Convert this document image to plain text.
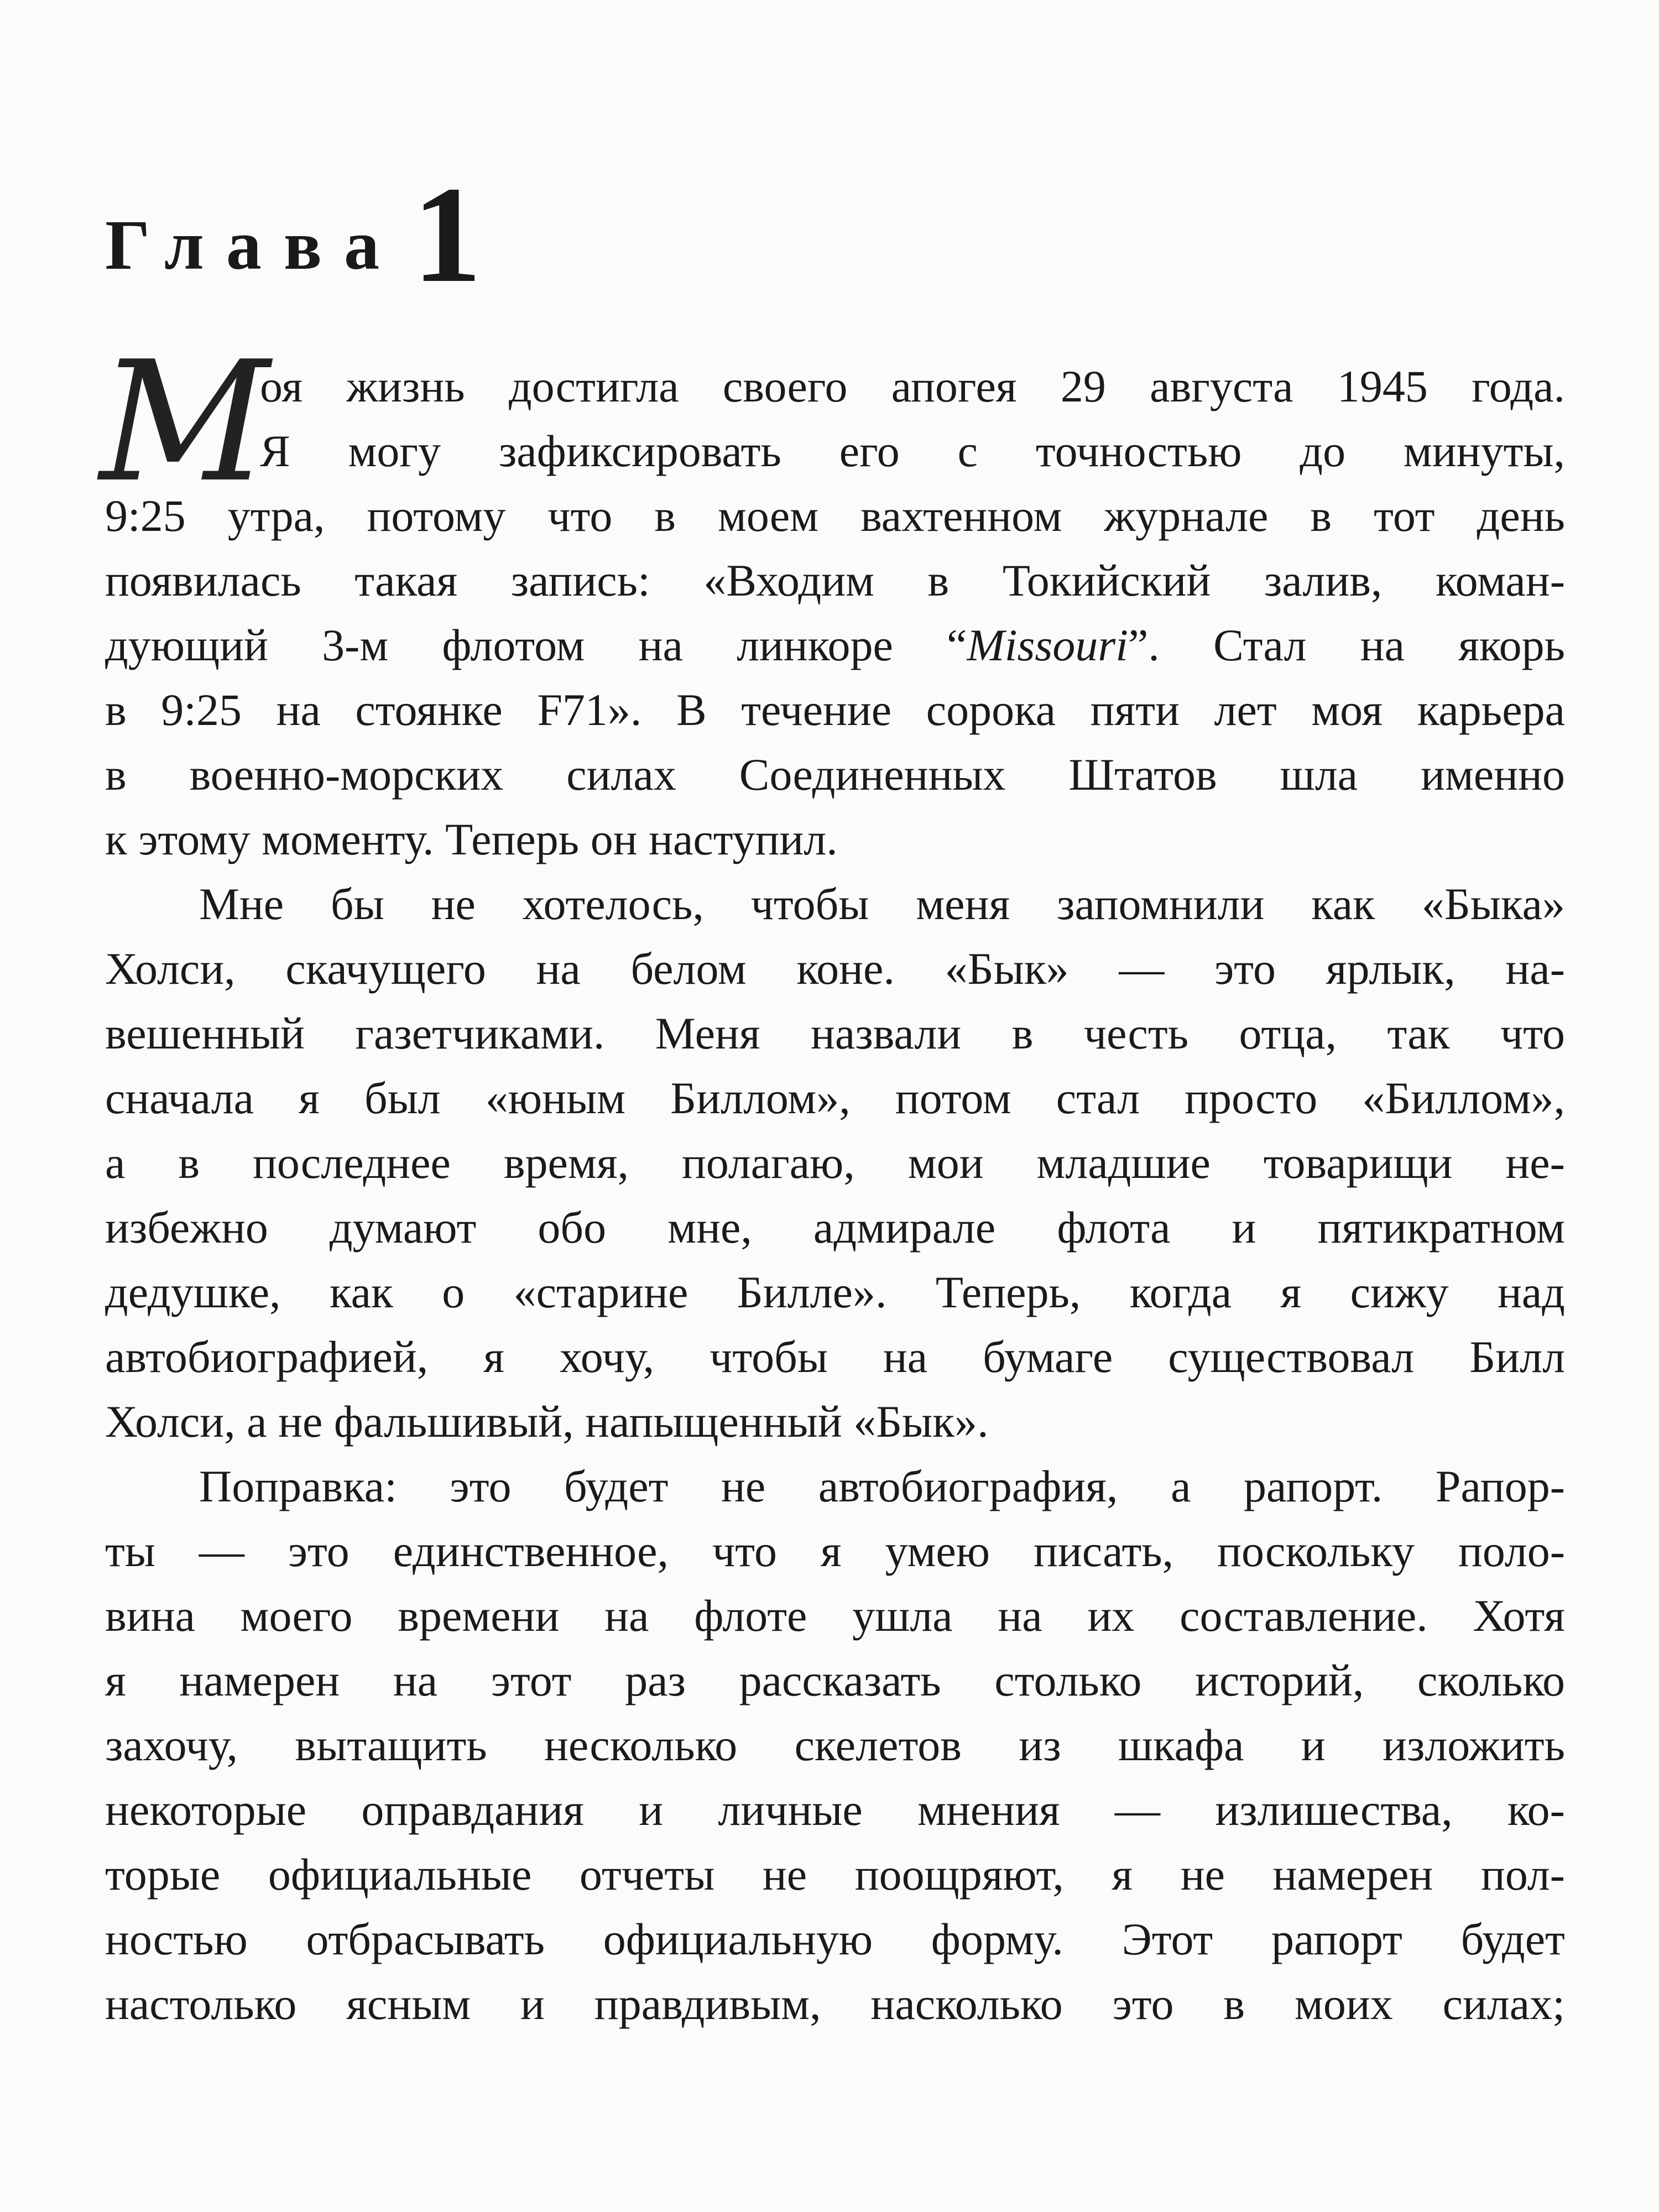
Глава1
М

оя жизнь достигла своего апогея 29 августа 1945 года.
Я могу зафиксировать его с точностью до минуты,
9:25 утра, потому что в моем вахтенном журнале в тот день
появилась такая запись: «Входим в Токийский залив, коман-
дующий 3-м флотом на линкоре “Missouri”. Стал на якорь
в 9:25 на стоянке F71». В течение сорока пяти лет моя карьера
в военно-морских силах Соединенных Штатов шла именно
к этому моменту. Теперь он наступил.

Мне бы не хотелось, чтобы меня запомнили как «Быка»
Холси, скачущего на белом коне. «Бык» — это ярлык, на-
вешенный газетчиками. Меня назвали в честь отца, так что
сначала я был «юным Биллом», потом стал просто «Биллом»,
а в последнее время, полагаю, мои младшие товарищи не-
избежно думают обо мне, адмирале флота и пятикратном
дедушке, как о «старине Билле». Теперь, когда я сижу над
автобиографией, я хочу, чтобы на бумаге существовал Билл
Холси, а не фальшивый, напыщенный «Бык».

Поправка: это будет не автобиография, а рапорт. Рапор-
ты — это единственное, что я умею писать, поскольку поло-
вина моего времени на флоте ушла на их составление. Хотя
я намерен на этот раз рассказать столько историй, сколько
захочу, вытащить несколько скелетов из шкафа и изложить
некоторые оправдания и личные мнения — излишества, ко-
торые официальные отчеты не поощряют, я не намерен пол-
ностью отбрасывать официальную форму. Этот рапорт будет
настолько ясным и правдивым, насколько это в моих силах;
